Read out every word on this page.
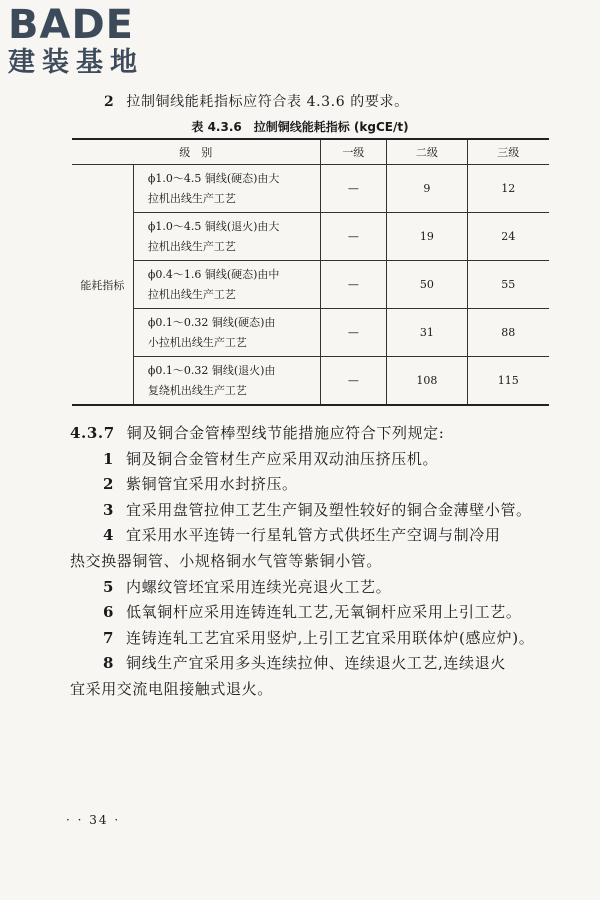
BADE
建装基地
2 拉制铜线能耗指标应符合表 4.3.6 的要求。
表 4.3.6 拉制铜线能耗指标 (kgCE/t)
级　别		一级	二级	三级
能耗指标	ϕ1.0～4.5 铜线(硬态)由大
拉机出线生产工艺	—	9	12
	ϕ1.0～4.5 铜线(退火)由大
拉机出线生产工艺	—	19	24
	ϕ0.4～1.6 铜线(硬态)由中
拉机出线生产工艺	—	50	55
	ϕ0.1～0.32 铜线(硬态)由
小拉机出线生产工艺	—	31	88
	ϕ0.1～0.32 铜线(退火)由
复绕机出线生产工艺	—	108	115
4.3.7 铜及铜合金管棒型线节能措施应符合下列规定:
1 铜及铜合金管材生产应采用双动油压挤压机。
2 紫铜管宜采用水封挤压。
3 宜采用盘管拉伸工艺生产铜及塑性较好的铜合金薄壁小管。
4 宜采用水平连铸一行星轧管方式供坯生产空调与制冷用
热交换器铜管、小规格铜水气管等紫铜小管。
5 内螺纹管坯宜采用连续光亮退火工艺。
6 低氧铜杆应采用连铸连轧工艺,无氧铜杆应采用上引工艺。
7 连铸连轧工艺宜采用竖炉,上引工艺宜采用联体炉(感应炉)。
8 铜线生产宜采用多头连续拉伸、连续退火工艺,连续退火
宜采用交流电阻接触式退火。
· · 34 ·
